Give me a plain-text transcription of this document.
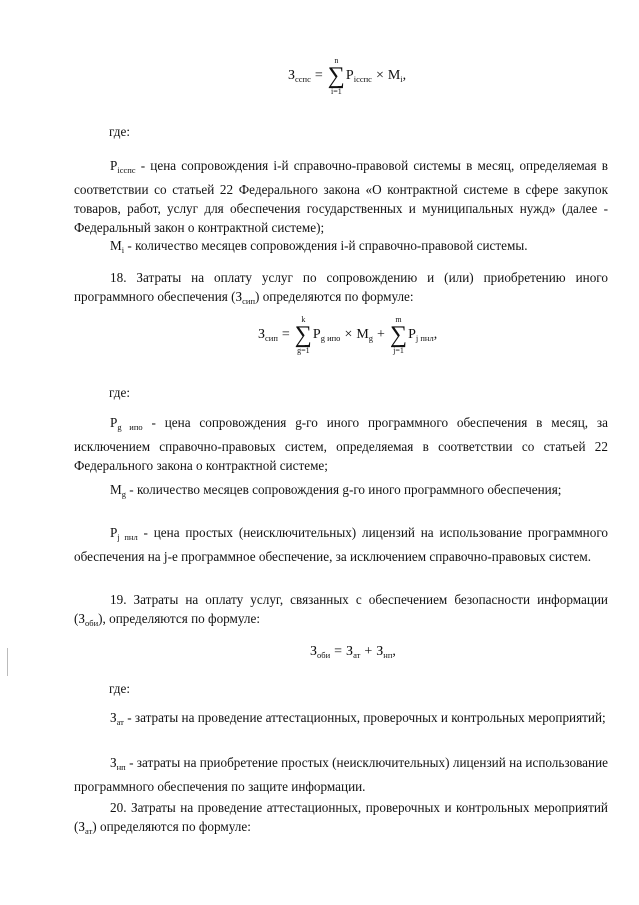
$З_{сспс}$ =
n
∑
i=1
$P_{iсспс} \times M_i$ ,
где:

$P_{iсспс}$ - цена сопровождения i-й справочно-правовой системы в месяц, определяемая в соответствии со статьей 22 Федерального закона «О контрактной системе в сфере закупок товаров, работ, услуг для обеспечения государственных и муниципальных нужд» (далее - Федеральный закон о контрактной системе);

$M_i$ - количество месяцев сопровождения i-й справочно-правовой системы.

18. Затраты на оплату услуг по сопровождению и (или) приобретению иного программного обеспечения $(З_{сип})$ определяются по формуле:

$З_{сип}$ =
k
∑
g=1
$P_{g ипо} \times M_g$ +
m
∑
j=1
$P_{j пнл}$ ,
где:

$P_{g ипо}$ - цена сопровождения g-го иного программного обеспечения в месяц, за исключением справочно-правовых систем, определяемая в соответствии со статьей 22 Федерального закона о контрактной системе;

$M_g$ - количество месяцев сопровождения g-го иного программного обеспечения;

$P_{j пнл}$ - цена простых (неисключительных) лицензий на использование программного обеспечения на j-е программное обеспечение, за исключением справочно-правовых систем.

19. Затраты на оплату услуг, связанных с обеспечением безопасности информации $(З_{оби})$, определяются по формуле:

$З_{оби} = З_{ат} + З_{нп}$ ,
где:

$З_{ат}$ - затраты на проведение аттестационных, проверочных и контрольных мероприятий;

$З_{нп}$ - затраты на приобретение простых (неисключительных) лицензий на использование программного обеспечения по защите информации.

20. Затраты на проведение аттестационных, проверочных и контрольных мероприятий $(З_{ат})$ определяются по формуле:
